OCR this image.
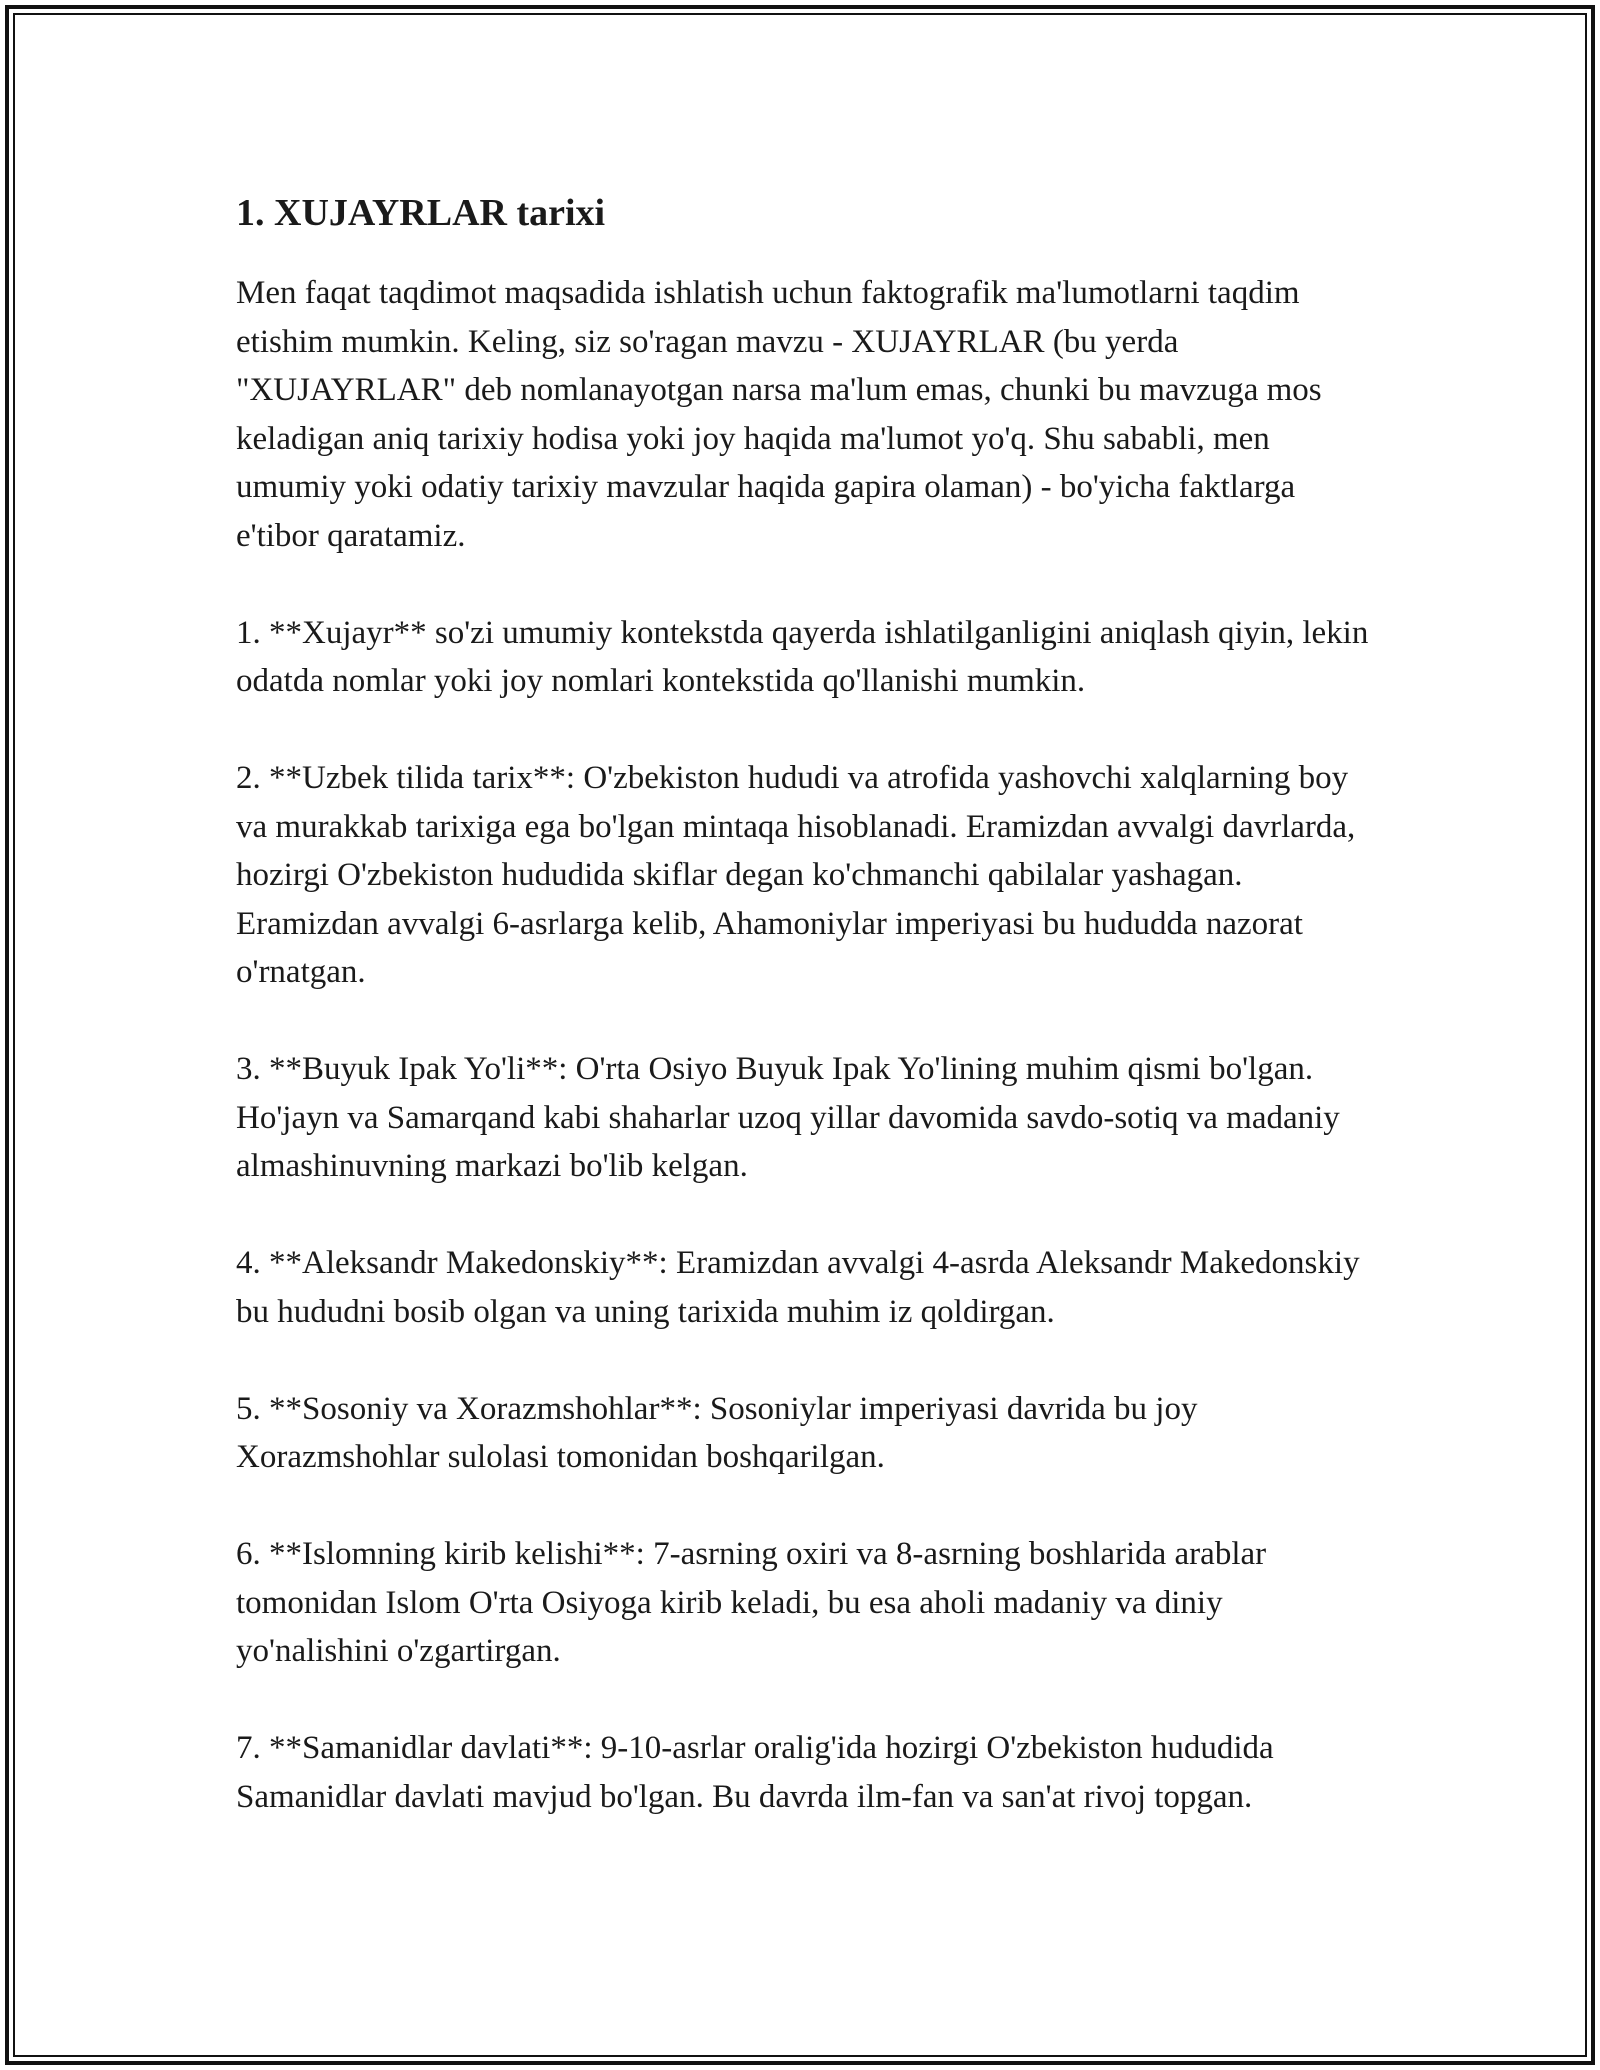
1. XUJAYRLAR tarixi

Men faqat taqdimot maqsadida ishlatish uchun faktografik ma'lumotlarni taqdim etishim mumkin. Keling, siz so'ragan mavzu - XUJAYRLAR (bu yerda "XUJAYRLAR" deb nomlanayotgan narsa ma'lum emas, chunki bu mavzuga mos keladigan aniq tarixiy hodisa yoki joy haqida ma'lumot yo'q. Shu sababli, men umumiy yoki odatiy tarixiy mavzular haqida gapira olaman) - bo'yicha faktlarga e'tibor qaratamiz.

1. **Xujayr** so'zi umumiy kontekstda qayerda ishlatilganligini aniqlash qiyin, lekin odatda nomlar yoki joy nomlari kontekstida qo'llanishi mumkin.

2. **Uzbek tilida tarix**: O'zbekiston hududi va atrofida yashovchi xalqlarning boy va murakkab tarixiga ega bo'lgan mintaqa hisoblanadi. Eramizdan avvalgi davrlarda, hozirgi O'zbekiston hududida skiflar degan ko'chmanchi qabilalar yashagan. Eramizdan avvalgi 6-asrlarga kelib, Ahamoniylar imperiyasi bu hududda nazorat o'rnatgan.

3. **Buyuk Ipak Yo'li**: O'rta Osiyo Buyuk Ipak Yo'lining muhim qismi bo'lgan. Ho'jayn va Samarqand kabi shaharlar uzoq yillar davomida savdo-sotiq va madaniy almashinuvning markazi bo'lib kelgan.

4. **Aleksandr Makedonskiy**: Eramizdan avvalgi 4-asrda Aleksandr Makedonskiy bu hududni bosib olgan va uning tarixida muhim iz qoldirgan.

5. **Sosoniy va Xorazmshohlar**: Sosoniylar imperiyasi davrida bu joy Xorazmshohlar sulolasi tomonidan boshqarilgan.

6. **Islomning kirib kelishi**: 7-asrning oxiri va 8-asrning boshlarida arablar tomonidan Islom O'rta Osiyoga kirib keladi, bu esa aholi madaniy va diniy yo'nalishini o'zgartirgan.

7. **Samanidlar davlati**: 9-10-asrlar oralig'ida hozirgi O'zbekiston hududida Samanidlar davlati mavjud bo'lgan. Bu davrda ilm-fan va san'at rivoj topgan.
